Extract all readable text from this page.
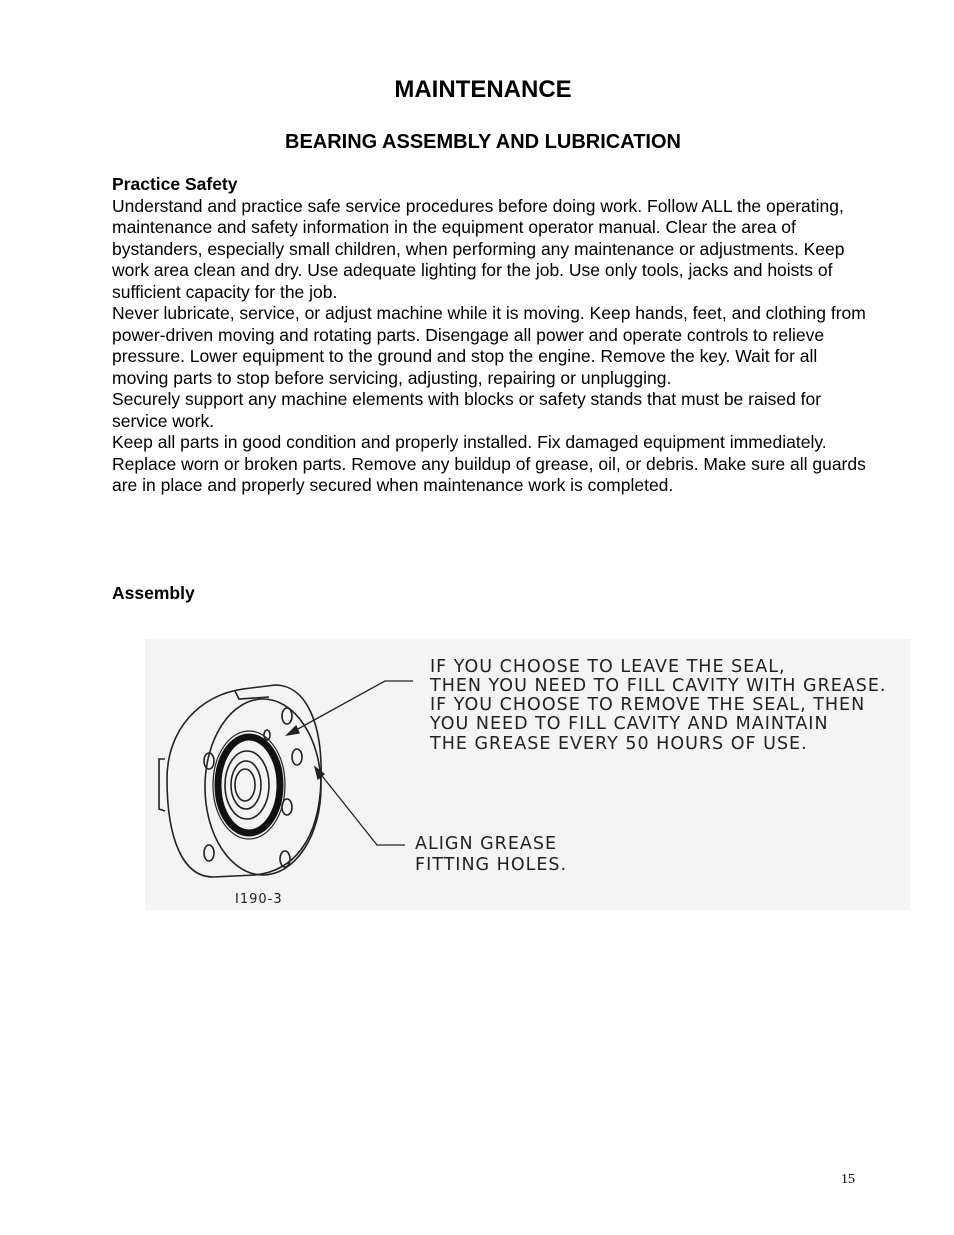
MAINTENANCE
BEARING ASSEMBLY AND LUBRICATION

Practice Safety

Understand and practice safe service procedures before doing work. Follow ALL the operating, maintenance and safety information in the equipment operator manual. Clear the area of bystanders, especially small children, when performing any maintenance or adjustments. Keep work area clean and dry. Use adequate lighting for the job. Use only tools, jacks and hoists of sufficient capacity for the job.

Never lubricate, service, or adjust machine while it is moving. Keep hands, feet, and clothing from power-driven moving and rotating parts. Disengage all power and operate controls to relieve pressure. Lower equipment to the ground and stop the engine. Remove the key. Wait for all moving parts to stop before servicing, adjusting, repairing or unplugging.

Securely support any machine elements with blocks or safety stands that must be raised for service work.

Keep all parts in good condition and properly installed. Fix damaged equipment immediately. Replace worn or broken parts. Remove any buildup of grease, oil, or debris. Make sure all guards are in place and properly secured when maintenance work is completed.

Assembly

IF YOU CHOOSE TO LEAVE THE SEAL,
THEN YOU NEED TO FILL CAVITY WITH GREASE.
IF YOU CHOOSE TO REMOVE THE SEAL, THEN
YOU NEED TO FILL CAVITY AND MAINTAIN
THE GREASE EVERY 50 HOURS OF USE.
ALIGN GREASE
FITTING HOLES.
I190-3
15
